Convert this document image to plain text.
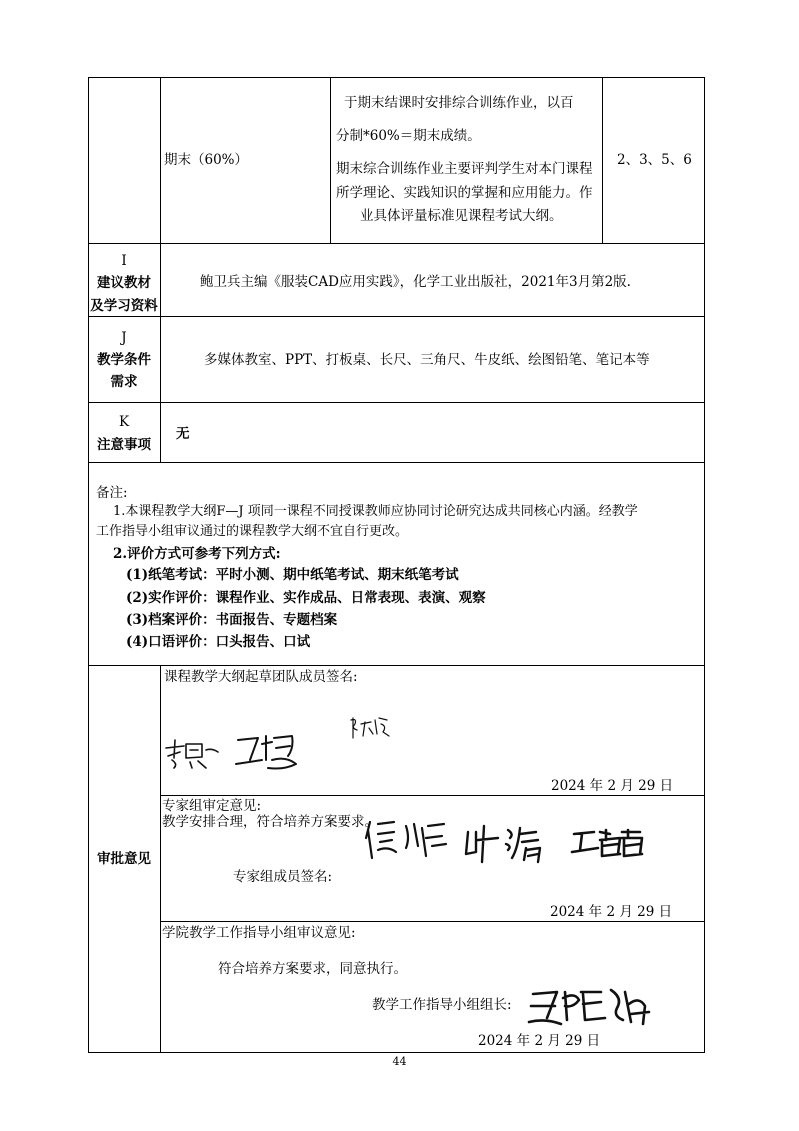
期末（60%）
于期末结课时安排综合训练作业，以百
分制*60%＝期末成绩。
期末综合训练作业主要评判学生对本门课程
所学理论、实践知识的掌握和应用能力。作
业具体评量标准见课程考试大纲。
2、3、5、6
I
建议教材
及学习资料
鲍卫兵主编《服装CAD应用实践》，化学工业出版社，2021年3月第2版.
J
教学条件
需求
多媒体教室、PPT、打板桌、长尺、三角尺、牛皮纸、绘图铅笔、笔记本等
K
注意事项
无
备注:
1.本课程教学大纲F—J 项同一课程不同授课教师应协同讨论研究达成共同核心内涵。经教学
工作指导小组审议通过的课程教学大纲不宜自行更改。
2.评价方式可参考下列方式:
(1)纸笔考试：平时小测、期中纸笔考试、期末纸笔考试
(2)实作评价：课程作业、实作成品、日常表现、表演、观察
(3)档案评价：书面报告、专题档案
(4)口语评价：口头报告、口试
审批意见
课程教学大纲起草团队成员签名:
2024 年 2 月 29 日
专家组审定意见:
教学安排合理，符合培养方案要求。
专家组成员签名:
2024 年 2 月 29 日
学院教学工作指导小组审议意见:
符合培养方案要求，同意执行。
教学工作指导小组组长:
2024 年 2 月 29 日
44
